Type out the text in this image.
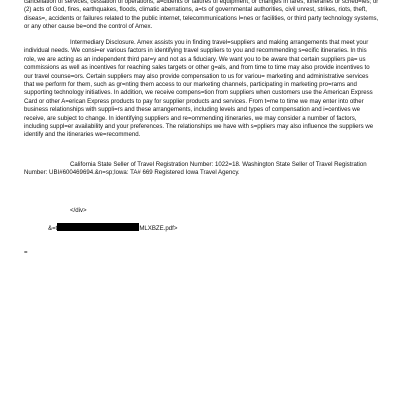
cancellation of services, cessation of operations, a=cidents or failures of equipment, or changes in fares, itineraries or sched=les; or (2) acts of God, fires, earthquakes, floods, climatic aberrations, a=ts of governmental authorities, civil unrest, strikes, riots, theft, diseas=, accidents or failures related to the public internet, telecommunications l=nes or facilities, or third party technology systems, or any other cause be=ond the control of Amex.

Intermediary Disclosure. Amex assists you in finding travel=suppliers and making arrangements that meet your individual needs. We consi=er various factors in identifying travel suppliers to you and recommending s=ecific itineraries. In this role, we are acting as an independent third par=y and not as a fiduciary. We want you to be aware that certain suppliers pa= us commissions as well as incentives for reaching sales targets or other g=als, and from time to time may also provide incentives to our travel counse=ors. Certain suppliers may also provide compensation to us for variou= marketing and administrative services that we perform for them, such as gr=nting them access to our marketing channels, participating in marketing pro=rams and supporting technology initiatives. In addition, we receive compens=tion from suppliers when customers use the American Express Card or other A=erican Express products to pay for supplier products and services. From t=me to time we may enter into other business relationships with suppli=rs and these arrangements, including levels and types of compensation and i=centives we receive, are subject to change. In identifying suppliers and re=ommending itineraries, we may consider a number of factors, including suppl=er availability and your preferences. The relationships we have with s=ppliers may also influence the suppliers we identify and the itineraries we=recommend.

California State Seller of Travel Registration Number: 1022=18. Washington State Seller of Travel Registration Number: UBI#600469694.&n=sp;Iowa: TA# 669 Registered Iowa Travel Agency.

</div>

&=t	MLXBZE.pdf>

=
